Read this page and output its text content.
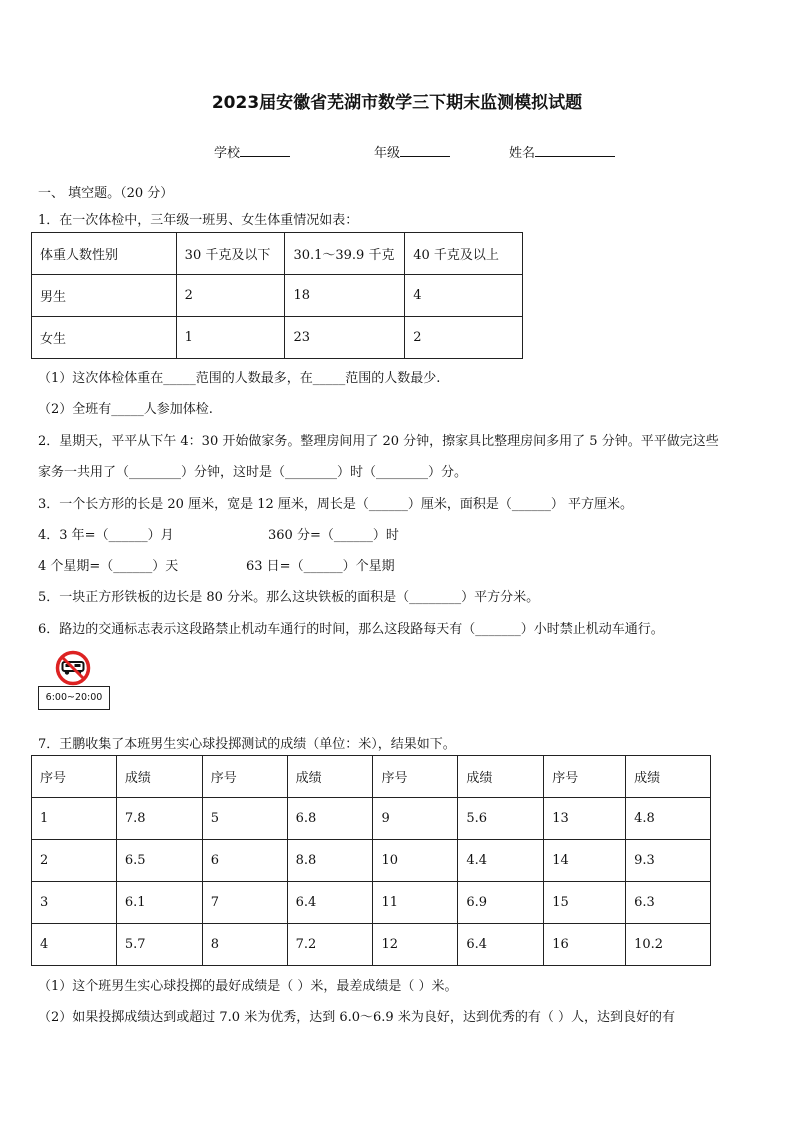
2023届安徽省芜湖市数学三下期末监测模拟试题
学校	年级	姓名
一、 填空题。（20 分）
1．在一次体检中，三年级一班男、女生体重情况如表：
体重人数性别	30 千克及以下	30.1～39.9 千克	40 千克及以上
男生	2	18	4
女生	1	23	2
（1）这次体检体重在_____范围的人数最多，在_____范围的人数最少.
（2）全班有_____人参加体检.
2．星期天，平平从下午 4：30 开始做家务。整理房间用了 20 分钟，擦家具比整理房间多用了 5 分钟。平平做完这些
家务一共用了（________）分钟，这时是（________）时（________）分。
3．一个长方形的长是 20 厘米，宽是 12 厘米，周长是（______）厘米，面积是（______） 平方厘米。
4．3 年=（______）月	360 分=（______）时
4 个星期=（______）天	63 日=（______）个星期
5．一块正方形铁板的边长是 80 分米。那么这块铁板的面积是（________）平方分米。
6．路边的交通标志表示这段路禁止机动车通行的时间，那么这段路每天有（_______）小时禁止机动车通行。
6:00~20:00
7．王鹏收集了本班男生实心球投掷测试的成绩（单位：米），结果如下。
序号	成绩	序号	成绩	序号	成绩	序号	成绩
1	7.8	5	6.8	9	5.6	13	4.8
2	6.5	6	8.8	10	4.4	14	9.3
3	6.1	7	6.4	11	6.9	15	6.3
4	5.7	8	7.2	12	6.4	16	10.2
（1）这个班男生实心球投掷的最好成绩是（ ）米，最差成绩是（ ）米。
（2）如果投掷成绩达到或超过 7.0 米为优秀，达到 6.0～6.9 米为良好，达到优秀的有（ ）人，达到良好的有
